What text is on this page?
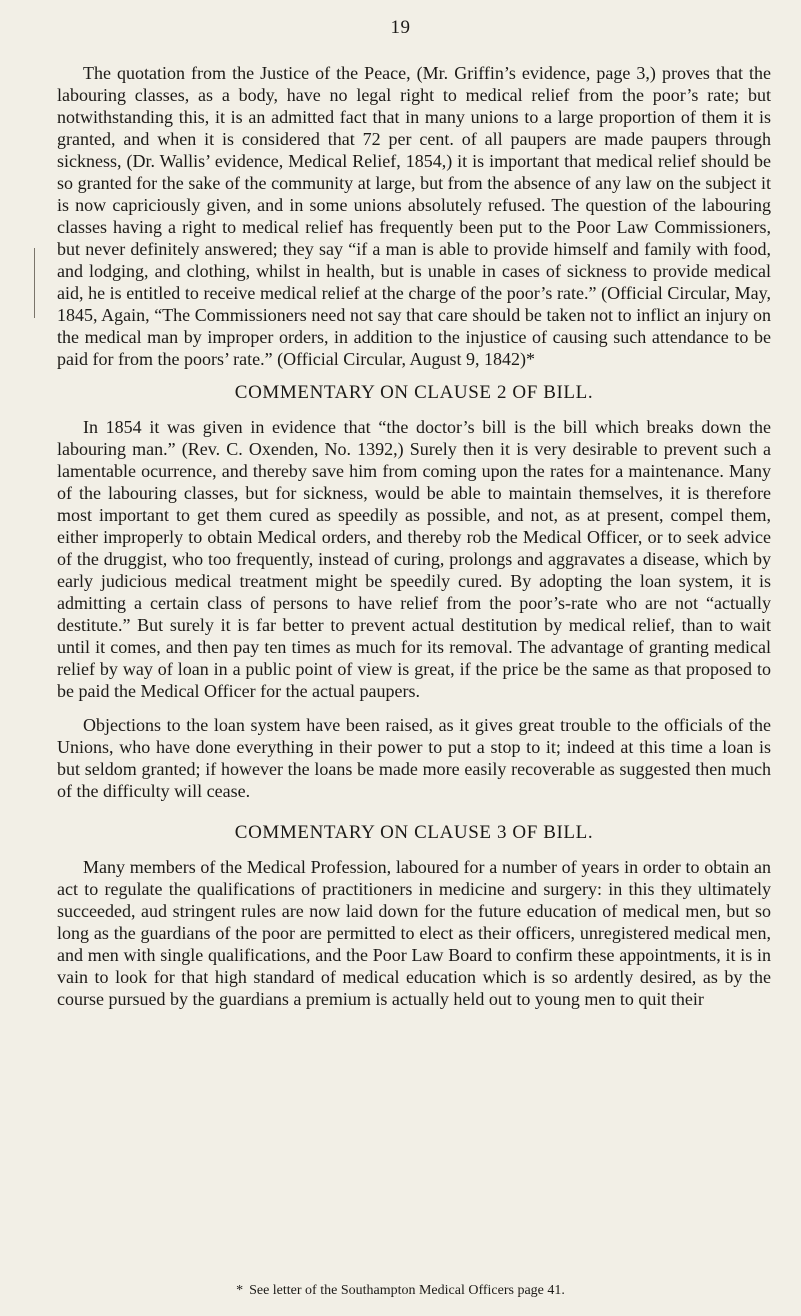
19

The quotation from the Justice of the Peace, (Mr. Griffin’s evidence, page 3,) proves that the labouring classes, as a body, have no legal right to medical relief from the poor’s rate; but notwithstanding this, it is an admitted fact that in many unions to a large proportion of them it is granted, and when it is considered that 72 per cent. of all paupers are made paupers through sickness, (Dr. Wallis’ evidence, Medical Relief, 1854,) it is important that medical relief should be so granted for the sake of the community at large, but from the absence of any law on the subject it is now capriciously given, and in some unions absolutely refused. The question of the labouring classes having a right to medical relief has frequently been put to the Poor Law Commissioners, but never definitely answered; they say “if a man is able to provide himself and family with food, and lodging, and clothing, whilst in health, but is unable in cases of sickness to provide medical aid, he is entitled to receive medical relief at the charge of the poor’s rate.” (Official Circular, May, 1845, Again, “The Commissioners need not say that care should be taken not to inflict an injury on the medical man by improper orders, in addition to the injustice of causing such attendance to be paid for from the poors’ rate.” (Official Circular, August 9, 1842)*

COMMENTARY ON CLAUSE 2 OF BILL.

In 1854 it was given in evidence that “the doctor’s bill is the bill which breaks down the labouring man.” (Rev. C. Oxenden, No. 1392,) Surely then it is very desirable to prevent such a lamentable ocurrence, and thereby save him from coming upon the rates for a maintenance. Many of the labouring classes, but for sickness, would be able to maintain themselves, it is therefore most important to get them cured as speedily as possible, and not, as at present, compel them, either improperly to obtain Medical orders, and thereby rob the Medical Officer, or to seek advice of the druggist, who too frequently, instead of curing, prolongs and aggravates a disease, which by early judicious medical treatment might be speedily cured. By adopting the loan system, it is admitting a certain class of persons to have relief from the poor’s-rate who are not “actually destitute.” But surely it is far better to prevent actual destitution by medical relief, than to wait until it comes, and then pay ten times as much for its removal. The advantage of granting medical relief by way of loan in a public point of view is great, if the price be the same as that proposed to be paid the Medical Officer for the actual paupers.

Objections to the loan system have been raised, as it gives great trouble to the officials of the Unions, who have done everything in their power to put a stop to it; indeed at this time a loan is but seldom granted; if however the loans be made more easily recoverable as suggested then much of the difficulty will cease.

COMMENTARY ON CLAUSE 3 OF BILL.

Many members of the Medical Profession, laboured for a number of years in order to obtain an act to regulate the qualifications of practitioners in medicine and surgery: in this they ultimately succeeded, aud stringent rules are now laid down for the future education of medical men, but so long as the guardians of the poor are permitted to elect as their officers, unregistered medical men, and men with single qualifications, and the Poor Law Board to confirm these appointments, it is in vain to look for that high standard of medical education which is so ardently desired, as by the course pursued by the guardians a premium is actually held out to young men to quit their

* See letter of the Southampton Medical Officers page 41.
